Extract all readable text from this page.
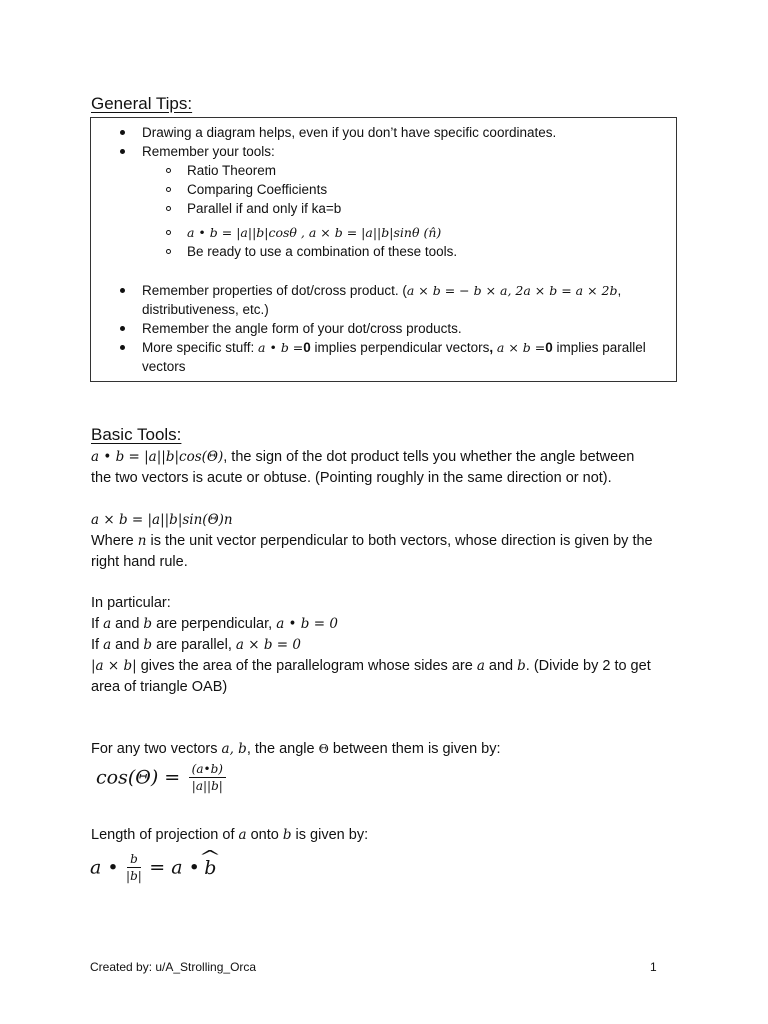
General Tips:
Drawing a diagram helps, even if you don’t have specific coordinates.
Remember your tools:
Ratio Theorem
Comparing Coefficients
Parallel if and only if ka=b
a • b = |a||b|cosθ , a × b = |a||b|sinθ (n̂)
Be ready to use a combination of these tools.
Remember properties of dot/cross product. (a × b = − b × a, 2a × b = a × 2b,
distributiveness, etc.)
Remember the angle form of your dot/cross products.
More specific stuff: a • b =0 implies perpendicular vectors, a × b =0 implies parallel
vectors
Basic Tools:
a • b = |a||b|cos(Θ), the sign of the dot product tells you whether the angle between
the two vectors is acute or obtuse. (Pointing roughly in the same direction or not).
a × b = |a||b|sin(Θ)n
Where n is the unit vector perpendicular to both vectors, whose direction is given by the
right hand rule.
In particular:
If a and b are perpendicular, a • b = 0
If a and b are parallel, a × b = 0
|a × b| gives the area of the parallelogram whose sides are a and b. (Divide by 2 to get
area of triangle OAB)
For any two vectors a, b, the angle Θ between them is given by:
$\cos(\Theta) = \frac{(a•b)}{|a||b|}$
Length of projection of a onto b is given by:
a • $\frac{b}{|b|} = a$ • ^ b
Created by: u/A_Strolling_Orca	1
